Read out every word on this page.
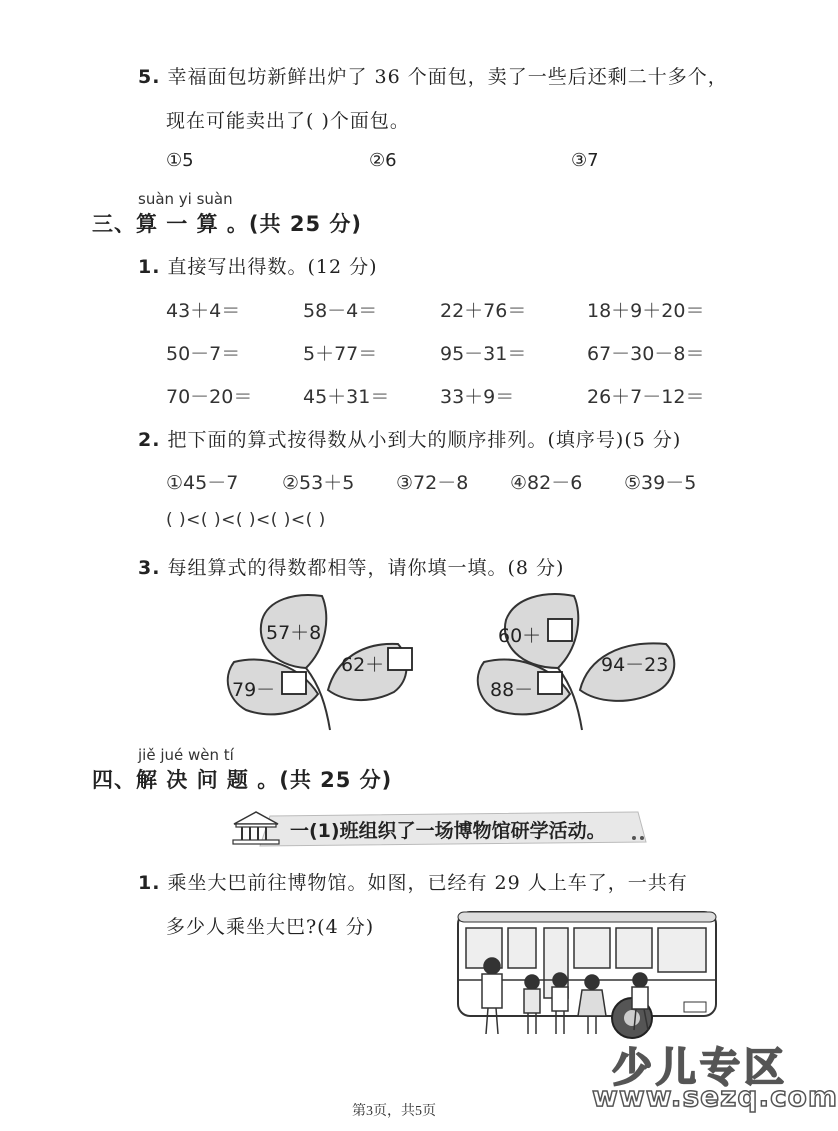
5. 幸福面包坊新鲜出炉了 36 个面包，卖了一些后还剩二十多个，
现在可能卖出了( )个面包。
①5	②6	③7
suàn yi suàn
三、算 一 算 。(共 25 分)
1. 直接写出得数。(12 分)
43＋4＝	58－4＝	22＋76＝	18＋9＋20＝
50－7＝	5＋77＝	95－31＝	67－30－8＝
70－20＝	45＋31＝	33＋9＝	26＋7－12＝
2. 把下面的算式按得数从小到大的顺序排列。(填序号)(5 分)
①45－7 ②53＋5 ③72－8 ④82－6 ⑤39－5
( )<( )<( )<( )<( )
3. 每组算式的得数都相等，请你填一填。(8 分)
57＋8
62＋
79－
60＋
94－23
88－
jiě jué wèn tí
四、解 决 问 题 。(共 25 分)
一(1)班组织了一场博物馆研学活动。
1. 乘坐大巴前往博物馆。如图，已经有 29 人上车了，一共有
多少人乘坐大巴?(4 分)
少儿专区
www.sezq.com
第3页，共5页
